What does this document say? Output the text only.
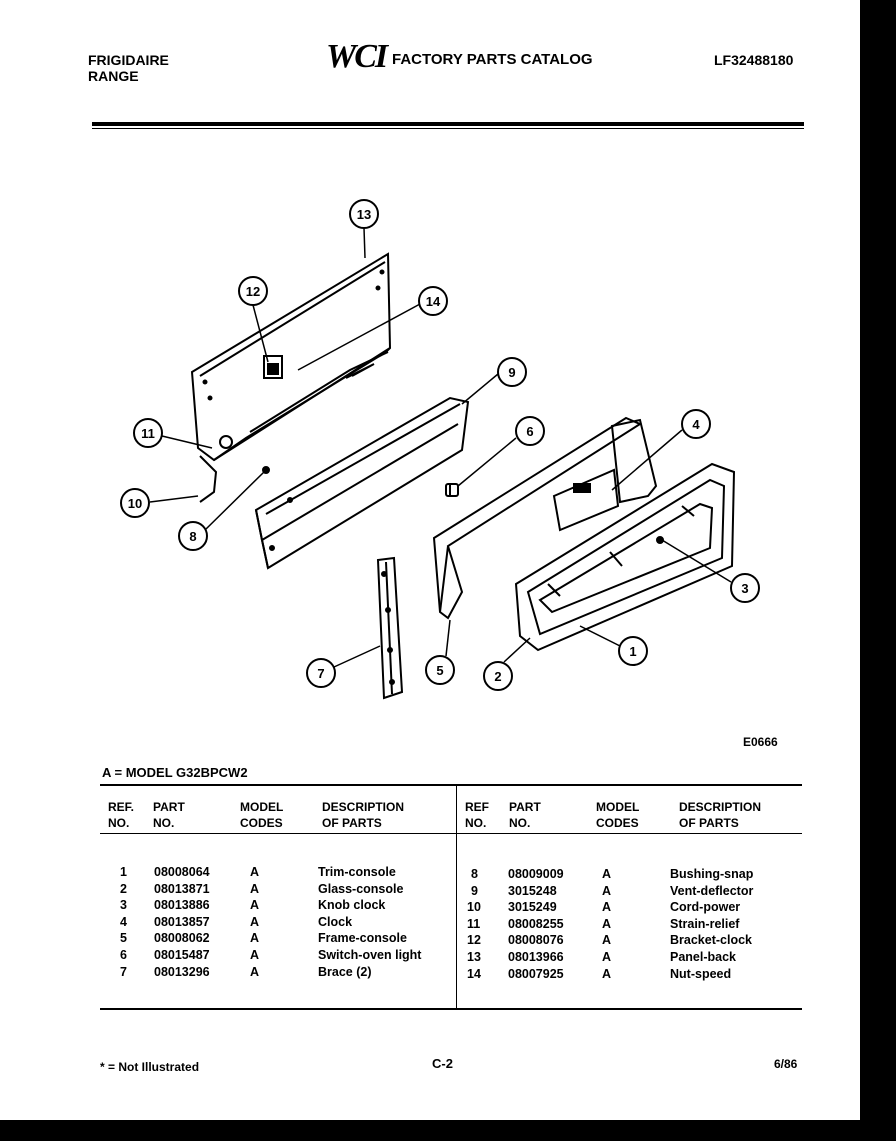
FRIGIDAIRE
RANGE
WCI FACTORY PARTS CATALOG	LF32488180
13
12
14
9
11	6	4
10
8
3
1
2
5
7
E0666
A = MODEL G32BPCW2
REF.
NO.
PART
NO.
MODEL
CODES
DESCRIPTION
OF PARTS
REF
NO.
PART
NO.
MODEL
CODES
DESCRIPTION
OF PARTS
1 08008064	A	Trim-console
2 08013871	A	Glass-console
3 08013886	A	Knob clock
4 08013857	A	Clock
5 08008062	A	Frame-console
6 08015487	A	Switch-oven light
7 08013296	A	Brace (2)
8 08009009	A	Bushing-snap
9 3015248	A	Vent-deflector
10 3015249	A	Cord-power
11 08008255	A	Strain-relief
12 08008076	A	Bracket-clock
13 08013966	A	Panel-back
14 08007925	A	Nut-speed
* = Not Illustrated	C-2	6/86
